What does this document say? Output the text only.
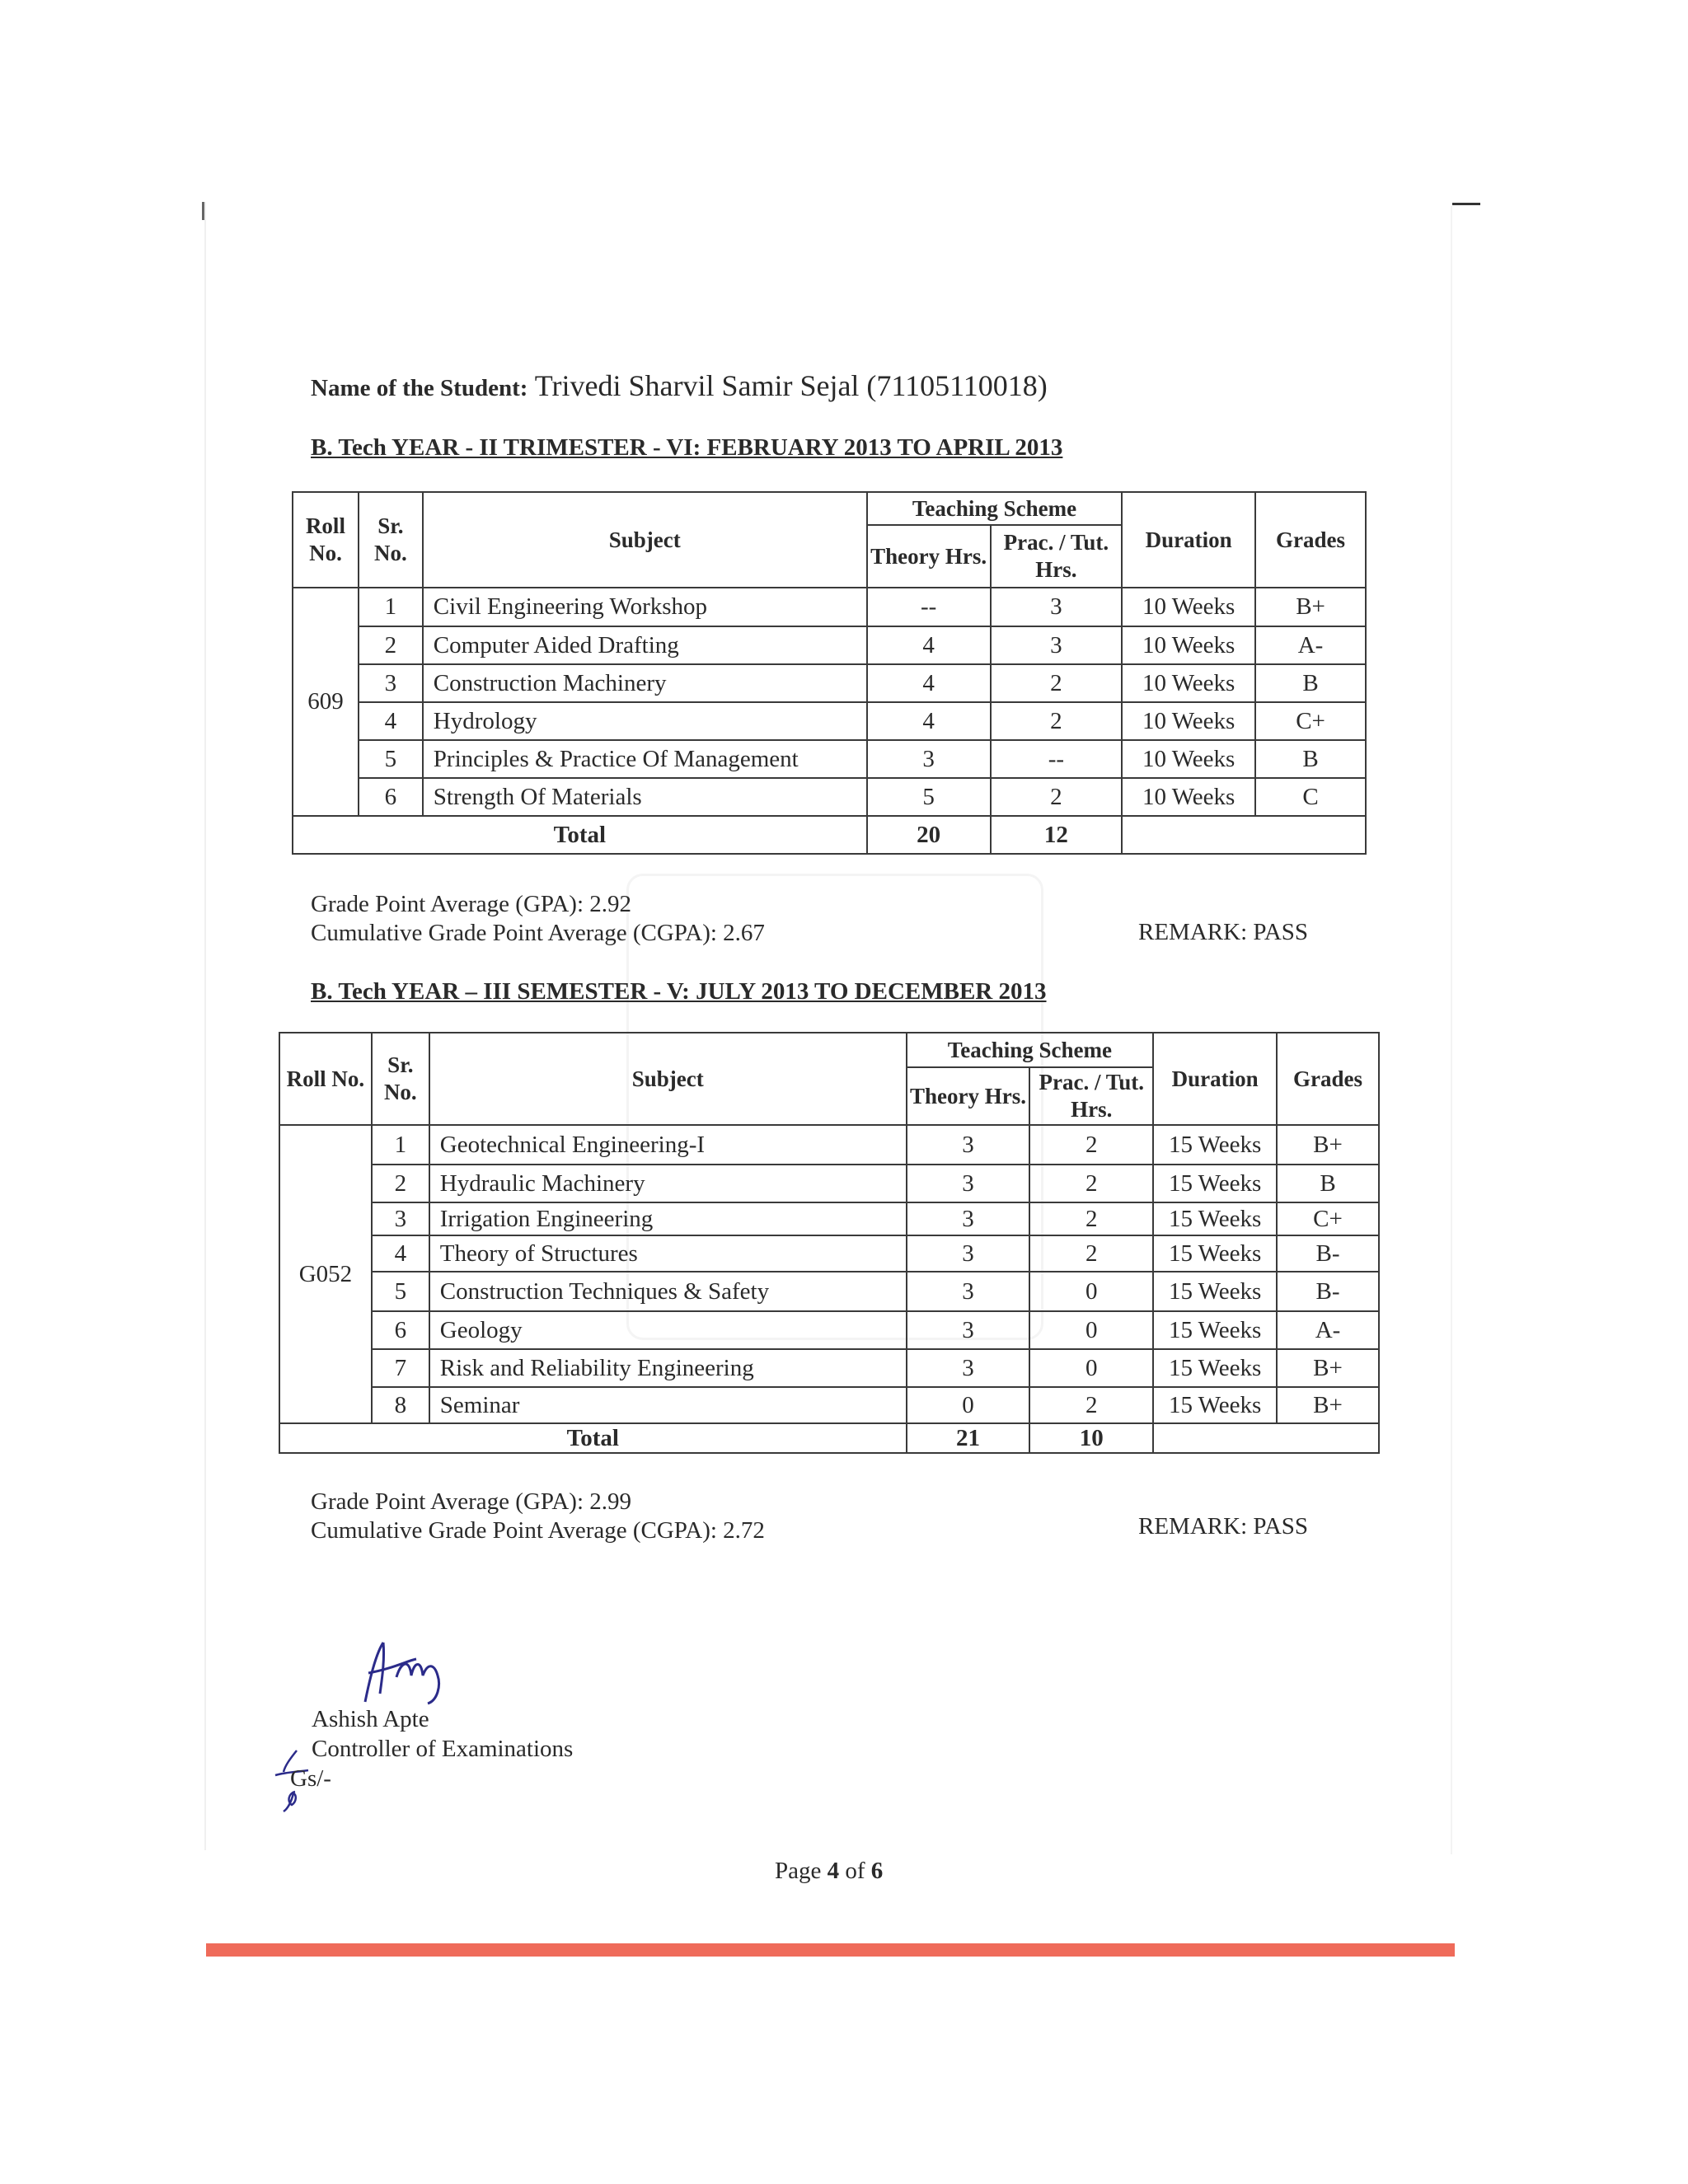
Name of the Student: Trivedi Sharvil Samir Sejal (71105110018)
B. Tech YEAR - II TRIMESTER - VI: FEBRUARY 2013 TO APRIL 2013
Roll No.	Sr. No.	Subject	Teaching Scheme		Duration	Grades
			Theory Hrs.	Prac. / Tut. Hrs.		
609	1	Civil Engineering Workshop	--	3	10 Weeks	B+
	2	Computer Aided Drafting	4	3	10 Weeks	A-
	3	Construction Machinery	4	2	10 Weeks	B
	4	Hydrology	4	2	10 Weeks	C+
	5	Principles & Practice Of Management	3	--	10 Weeks	B
	6	Strength Of Materials	5	2	10 Weeks	C
Total			20	12		
Grade Point Average (GPA): 2.92
Cumulative Grade Point Average (CGPA): 2.67	REMARK: PASS
B. Tech YEAR – III SEMESTER - V: JULY 2013 TO DECEMBER 2013
Roll No.	Sr. No.	Subject	Teaching Scheme		Duration	Grades
			Theory Hrs.	Prac. / Tut. Hrs.		
G052	1	Geotechnical Engineering-I	3	2	15 Weeks	B+
	2	Hydraulic Machinery	3	2	15 Weeks	B
	3	Irrigation Engineering	3	2	15 Weeks	C+
	4	Theory of Structures	3	2	15 Weeks	B-
	5	Construction Techniques & Safety	3	0	15 Weeks	B-
	6	Geology	3	0	15 Weeks	A-
	7	Risk and Reliability Engineering	3	0	15 Weeks	B+
	8	Seminar	0	2	15 Weeks	B+
Total			21	10		
Grade Point Average (GPA): 2.99
Cumulative Grade Point Average (CGPA): 2.72	REMARK: PASS
Ashish Apte
Controller of Examinations
Gs/-
Page 4 of 6
